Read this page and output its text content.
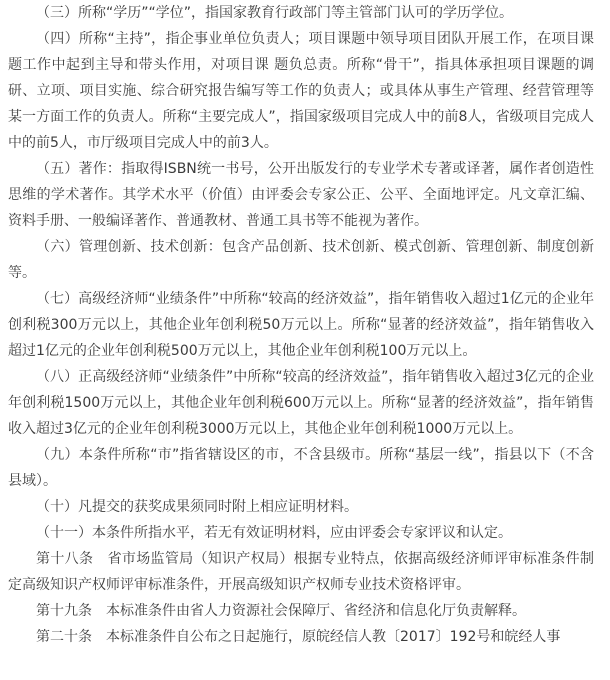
（三）所称“学历”“学位”，指国家教育行政部门等主管部门认可的学历学位。

（四）所称“主持”，指企事业单位负责人；项目课题中领导项目团队开展工作，在项目课题工作中起到主导和带头作用，对项目课 题负总责。所称“骨干”，指具体承担项目课题的调研、立项、项目实施、综合研究报告编写等工作的负责人；或具体从事生产管理、经营管理等某一方面工作的负责人。所称“主要完成人”，指国家级项目完成人中的前8人，省级项目完成人中的前5人，市厅级项目完成人中的前3人。

（五）著作：指取得ISBN统一书号，公开出版发行的专业学术专著或译著，属作者创造性思维的学术著作。其学术水平（价值）由评委会专家公正、公平、全面地评定。凡文章汇编、资料手册、一般编译著作、普通教材、普通工具书等不能视为著作。

（六）管理创新、技术创新：包含产品创新、技术创新、模式创新、管理创新、制度创新等。

（七）高级经济师“业绩条件”中所称“较高的经济效益”，指年销售收入超过1亿元的企业年创利税300万元以上，其他企业年创利税50万元以上。所称“显著的经济效益”，指年销售收入超过1亿元的企业年创利税500万元以上，其他企业年创利税100万元以上。

（八）正高级经济师“业绩条件”中所称“较高的经济效益”，指年销售收入超过3亿元的企业年创利税1500万元以上，其他企业年创利税600万元以上。所称“显著的经济效益”，指年销售收入超过3亿元的企业年创利税3000万元以上，其他企业年创利税1000万元以上。

（九）本条件所称“市”指省辖设区的市，不含县级市。所称“基层一线”，指县以下（不含县域）。

（十）凡提交的获奖成果须同时附上相应证明材料。

（十一）本条件所指水平，若无有效证明材料，应由评委会专家评议和认定。

第十八条　省市场监管局（知识产权局）根据专业特点，依据高级经济师评审标准条件制定高级知识产权师评审标准条件，开展高级知识产权师专业技术资格评审。

第十九条　本标准条件由省人力资源社会保障厅、省经济和信息化厅负责解释。

第二十条　本标准条件自公布之日起施行，原皖经信人教〔2017〕192号和皖经人事
